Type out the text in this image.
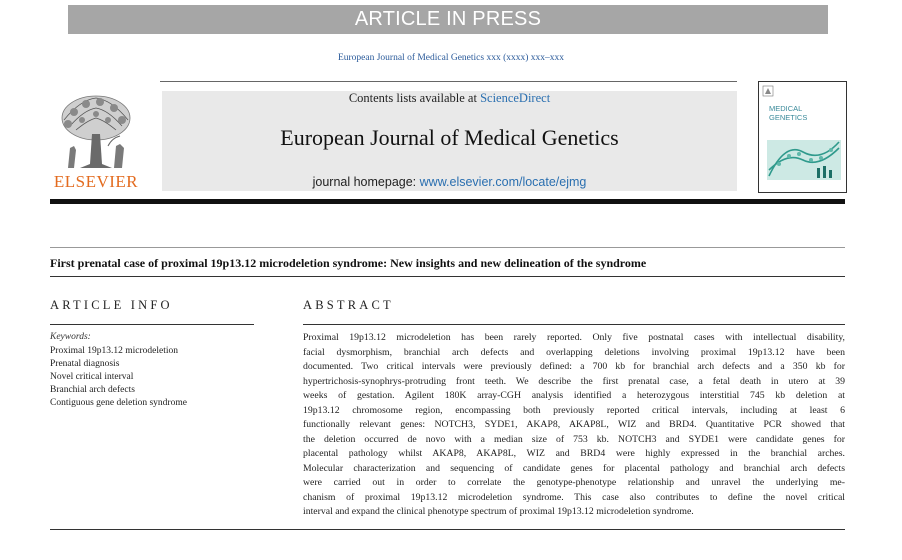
ARTICLE IN PRESS
European Journal of Medical Genetics xxx (xxxx) xxx–xxx
ELSEVIER
Contents lists available at ScienceDirect
European Journal of Medical Genetics
journal homepage: www.elsevier.com/locate/ejmg
MEDICAL
GENETICS
First prenatal case of proximal 19p13.12 microdeletion syndrome: New insights and new delineation of the syndrome
ARTICLE INFO
Keywords:
Proximal 19p13.12 microdeletion
Prenatal diagnosis
Novel critical interval
Branchial arch defects
Contiguous gene deletion syndrome
ABSTRACT
Proximal 19p13.12 microdeletion has been rarely reported. Only five postnatal cases with intellectual disability,
facial dysmorphism, branchial arch defects and overlapping deletions involving proximal 19p13.12 have been
documented. Two critical intervals were previously defined: a 700 kb for branchial arch defects and a 350 kb for
hypertrichosis-synophrys-protruding front teeth. We describe the first prenatal case, a fetal death in utero at 39
weeks of gestation. Agilent 180K array-CGH analysis identified a heterozygous interstitial 745 kb deletion at
19p13.12 chromosome region, encompassing both previously reported critical intervals, including at least 6
functionally relevant genes: NOTCH3, SYDE1, AKAP8, AKAP8L, WIZ and BRD4. Quantitative PCR showed that
the deletion occurred de novo with a median size of 753 kb. NOTCH3 and SYDE1 were candidate genes for
placental pathology whilst AKAP8, AKAP8L, WIZ and BRD4 were highly expressed in the branchial arches.
Molecular characterization and sequencing of candidate genes for placental pathology and branchial arch defects
were carried out in order to correlate the genotype-phenotype relationship and unravel the underlying me-
chanism of proximal 19p13.12 microdeletion syndrome. This case also contributes to define the novel critical
interval and expand the clinical phenotype spectrum of proximal 19p13.12 microdeletion syndrome.
